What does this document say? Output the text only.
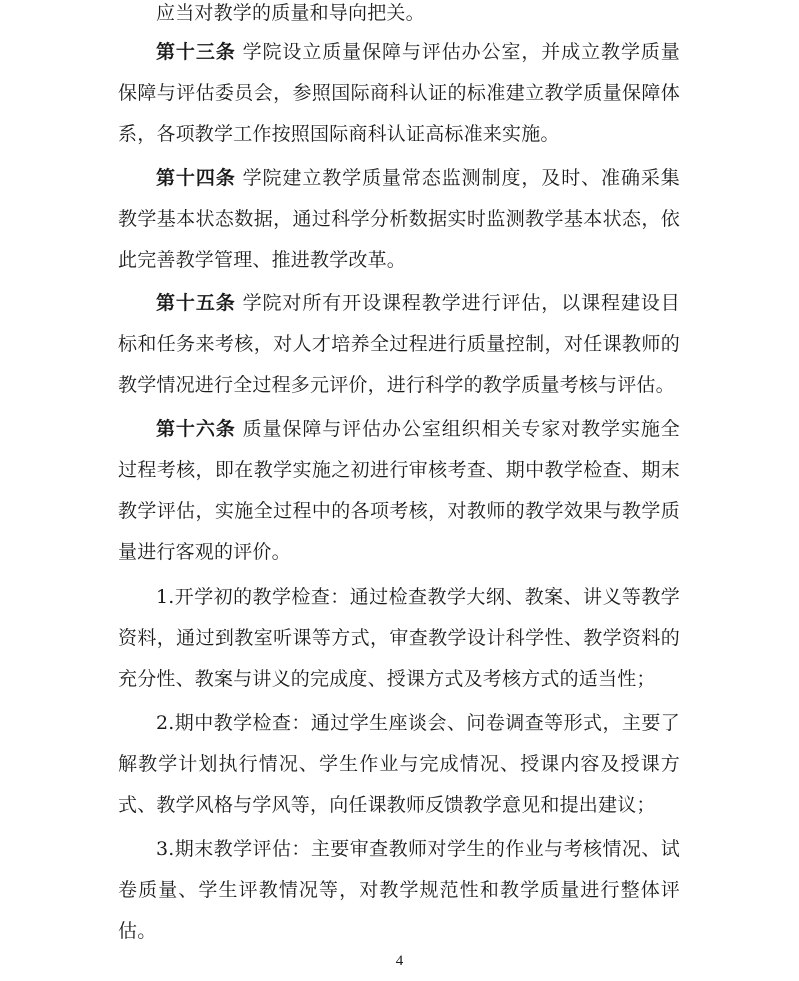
应当对教学的质量和导向把关。

第十三条 学院设立质量保障与评估办公室，并成立教学质量保障与评估委员会，参照国际商科认证的标准建立教学质量保障体系，各项教学工作按照国际商科认证高标准来实施。

第十四条 学院建立教学质量常态监测制度，及时、准确采集教学基本状态数据，通过科学分析数据实时监测教学基本状态，依此完善教学管理、推进教学改革。

第十五条 学院对所有开设课程教学进行评估，以课程建设目标和任务来考核，对人才培养全过程进行质量控制，对任课教师的教学情况进行全过程多元评价，进行科学的教学质量考核与评估。

第十六条 质量保障与评估办公室组织相关专家对教学实施全过程考核，即在教学实施之初进行审核考查、期中教学检查、期末教学评估，实施全过程中的各项考核，对教师的教学效果与教学质量进行客观的评价。

1.开学初的教学检查：通过检查教学大纲、教案、讲义等教学资料，通过到教室听课等方式，审查教学设计科学性、教学资料的充分性、教案与讲义的完成度、授课方式及考核方式的适当性；

2.期中教学检查：通过学生座谈会、问卷调查等形式，主要了解教学计划执行情况、学生作业与完成情况、授课内容及授课方式、教学风格与学风等，向任课教师反馈教学意见和提出建议；

3.期末教学评估：主要审查教师对学生的作业与考核情况、试卷质量、学生评教情况等，对教学规范性和教学质量进行整体评估。

4
